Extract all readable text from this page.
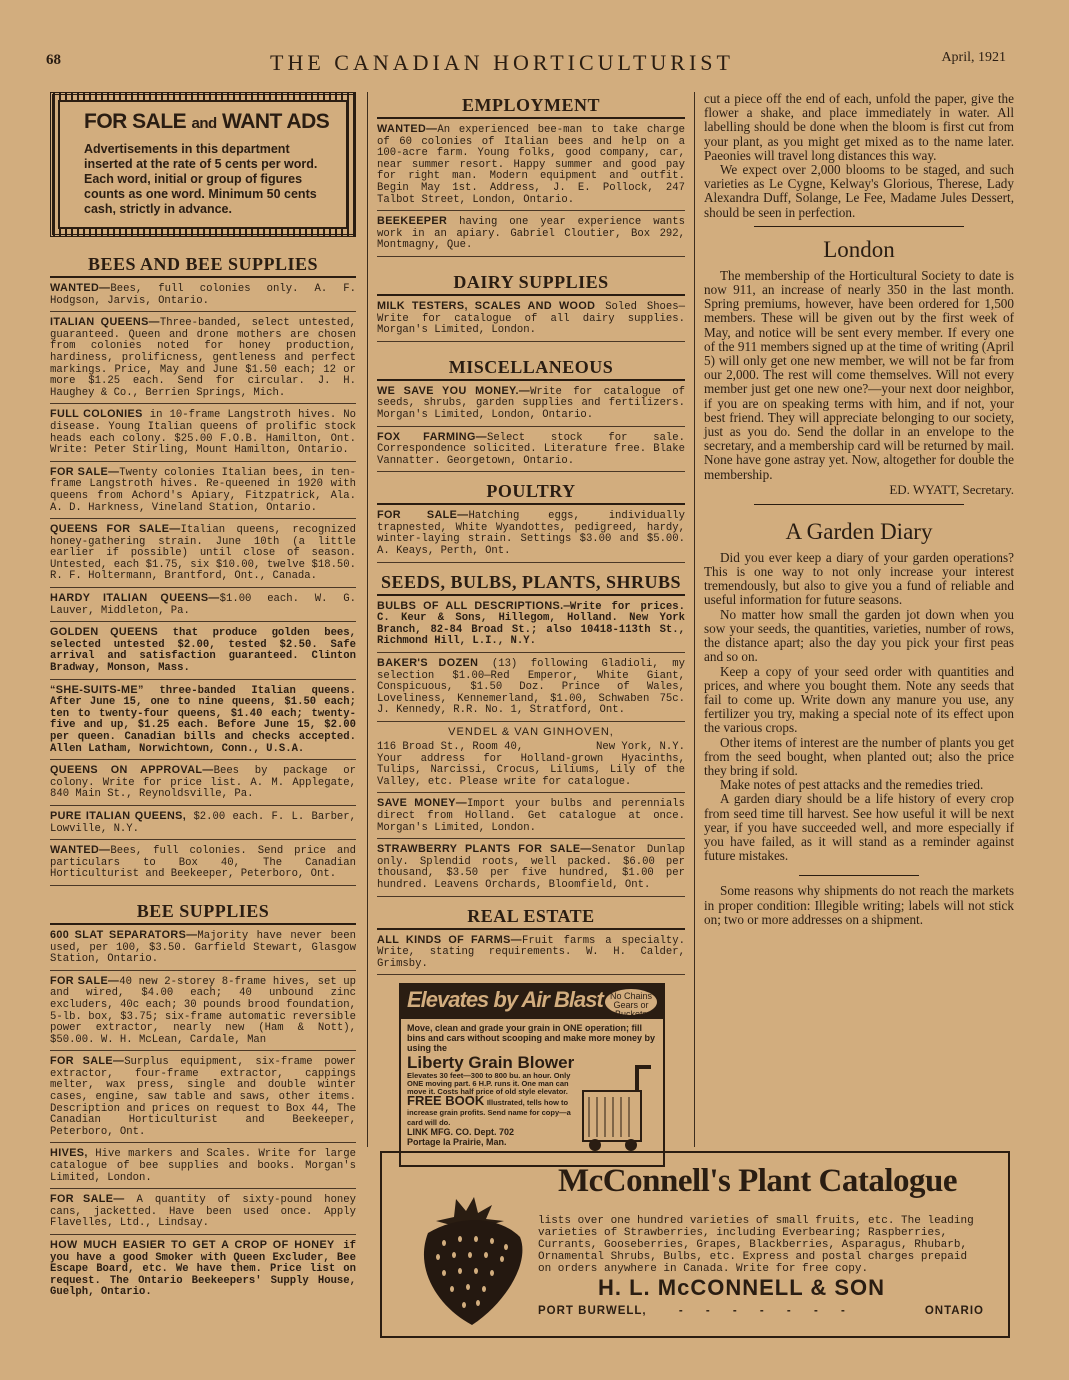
68	THE CANADIAN HORTICULTURIST	April, 1921

FOR SALE and WANT ADS

Advertisements in this department inserted at the rate of 5 cents per word. Each word, initial or group of figures counts as one word. Minimum 50 cents cash, strictly in advance.

BEES AND BEE SUPPLIES

WANTED—Bees, full colonies only. A. F. Hodgson, Jarvis, Ontario.

ITALIAN QUEENS—Three-banded, select untested, guaranteed. Queen and drone mothers are chosen from colonies noted for honey production, hardiness, prolificness, gentleness and perfect markings. Price, May and June $1.50 each; 12 or more $1.25 each. Send for circular. J. H. Haughey & Co., Berrien Springs, Mich.

FULL COLONIES in 10-frame Langstroth hives. No disease. Young Italian queens of prolific stock heads each colony. $25.00 F.O.B. Hamilton, Ont. Write: Peter Stirling, Mount Hamilton, Ontario.

FOR SALE—Twenty colonies Italian bees, in ten-frame Langstroth hives. Re-queened in 1920 with queens from Achord's Apiary, Fitzpatrick, Ala. A. D. Harkness, Vineland Station, Ontario.

QUEENS FOR SALE—Italian queens, recognized honey-gathering strain. June 10th (a little earlier if possible) until close of season. Untested, each $1.75, six $10.00, twelve $18.50. R. F. Holtermann, Brantford, Ont., Canada.

HARDY ITALIAN QUEENS—$1.00 each. W. G. Lauver, Middleton, Pa.

GOLDEN QUEENS that produce golden bees, selected untested $2.00, tested $2.50. Safe arrival and satisfaction guaranteed. Clinton Bradway, Monson, Mass.

“SHE-SUITS-ME” three-banded Italian queens. After June 15, one to nine queens, $1.50 each; ten to twenty-four queens, $1.40 each; twenty-five and up, $1.25 each. Before June 15, $2.00 per queen. Canadian bills and checks accepted. Allen Latham, Norwichtown, Conn., U.S.A.

QUEENS ON APPROVAL—Bees by package or colony. Write for price list. A. M. Applegate, 840 Main St., Reynoldsville, Pa.

PURE ITALIAN QUEENS, $2.00 each. F. L. Barber, Lowville, N.Y.

WANTED—Bees, full colonies. Send price and particulars to Box 40, The Canadian Horticulturist and Beekeeper, Peterboro, Ont.

BEE SUPPLIES

600 SLAT SEPARATORS—Majority have never been used, per 100, $3.50. Garfield Stewart, Glasgow Station, Ontario.

FOR SALE—40 new 2-storey 8-frame hives, set up and wired, $4.00 each; 40 unbound zinc excluders, 40c each; 30 pounds brood foundation, 5-lb. box, $3.75; six-frame automatic reversible power extractor, nearly new (Ham & Nott), $50.00. W. H. McLean, Cardale, Man

FOR SALE—Surplus equipment, six-frame power extractor, four-frame extractor, cappings melter, wax press, single and double winter cases, engine, saw table and saws, other items. Description and prices on request to Box 44, The Canadian Horticulturist and Beekeeper, Peterboro, Ont.

HIVES, Hive markers and Scales. Write for large catalogue of bee supplies and books. Morgan's Limited, London.

FOR SALE— A quantity of sixty-pound honey cans, jacketted. Have been used once. Apply Flavelles, Ltd., Lindsay.

HOW MUCH EASIER TO GET A CROP OF HONEY if you have a good Smoker with Queen Excluder, Bee Escape Board, etc. We have them. Price list on request. The Ontario Beekeepers' Supply House, Guelph, Ontario.

EMPLOYMENT

WANTED—An experienced bee-man to take charge of 60 colonies of Italian bees and help on a 100-acre farm. Young folks, good company, car, near summer resort. Happy summer and good pay for right man. Modern equipment and outfit. Begin May 1st. Address, J. E. Pollock, 247 Talbot Street, London, Ontario.

BEEKEEPER having one year experience wants work in an apiary. Gabriel Cloutier, Box 292, Montmagny, Que.

DAIRY SUPPLIES

MILK TESTERS, SCALES AND WOOD Soled Shoes—Write for catalogue of all dairy supplies. Morgan's Limited, London.

MISCELLANEOUS

WE SAVE YOU MONEY.—Write for catalogue of seeds, shrubs, garden supplies and fertilizers. Morgan's Limited, London, Ontario.

FOX FARMING—Select stock for sale. Correspondence solicited. Literature free. Blake Vannatter. Georgetown, Ontario.

POULTRY

FOR SALE—Hatching eggs, individually trapnested, White Wyandottes, pedigreed, hardy, winter-laying strain. Settings $3.00 and $5.00. A. Keays, Perth, Ont.

SEEDS, BULBS, PLANTS, SHRUBS

BULBS OF ALL DESCRIPTIONS.—Write for prices. C. Keur & Sons, Hillegom, Holland. New York Branch, 82-84 Broad St.; also 10418-113th St., Richmond Hill, L.I., N.Y.

BAKER'S DOZEN (13) following Gladioli, my selection $1.00—Red Emperor, White Giant, Conspicuous, $1.50 Doz. Prince of Wales, Loveliness, Kennemerland, $1.00, Schwaben 75c. J. Kennedy, R.R. No. 1, Stratford, Ont.

VENDEL & VAN GINHOVEN,

116 Broad St., Room 40,	New York, N.Y.

Your address for Holland-grown Hyacinths, Tulips, Narcissi, Crocus, Liliums, Lily of the Valley, etc. Please write for catalogue.

SAVE MONEY—Import your bulbs and perennials direct from Holland. Get catalogue at once. Morgan's Limited, London.

STRAWBERRY PLANTS FOR SALE—Senator Dunlap only. Splendid roots, well packed. $6.00 per thousand, $3.50 per five hundred, $1.00 per hundred. Leavens Orchards, Bloomfield, Ont.

REAL ESTATE

ALL KINDS OF FARMS—Fruit farms a specialty. Write, stating requirements. W. H. Calder, Grimsby.

Elevates by Air Blast No Chains Gears or Buckets
Move, clean and grade your grain in ONE operation; fill bins and cars without scooping and make more money by using the
Liberty Grain Blower
Elevates 30 feet—300 to 800 bu. an hour. Only ONE moving part. 6 H.P. runs it. One man can move it. Costs half price of old style elevator.
FREE BOOK Illustrated, tells how to increase grain profits. Send name for copy—a card will do.
LINK MFG. CO. Dept. 702
Portage la Prairie, Man.

cut a piece off the end of each, unfold the paper, give the flower a shake, and place immediately in water. All labelling should be done when the bloom is first cut from your plant, as you might get mixed as to the name later. Paeonies will travel long distances this way.

We expect over 2,000 blooms to be staged, and such varieties as Le Cygne, Kelway's Glorious, Therese, Lady Alexandra Duff, Solange, Le Fee, Madame Jules Dessert, should be seen in perfection.

London

The membership of the Horticultural Society to date is now 911, an increase of nearly 350 in the last month. Spring premiums, however, have been ordered for 1,500 members. These will be given out by the first week of May, and notice will be sent every member. If every one of the 911 members signed up at the time of writing (April 5) will only get one new member, we will not be far from our 2,000. The rest will come themselves. Will not every member just get one new one?—your next door neighbor, if you are on speaking terms with him, and if not, your best friend. They will appreciate belonging to our society, just as you do. Send the dollar in an envelope to the secretary, and a membership card will be returned by mail. None have gone astray yet. Now, altogether for double the membership.

ED. WYATT, Secretary.

A Garden Diary

Did you ever keep a diary of your garden operations? This is one way to not only increase your interest tremendously, but also to give you a fund of reliable and useful information for future seasons.

No matter how small the garden jot down when you sow your seeds, the quantities, varieties, number of rows, the distance apart; also the day you pick your first peas and so on.

Keep a copy of your seed order with quantities and prices, and where you bought them. Note any seeds that fail to come up. Write down any manure you use, any fertilizer you try, making a special note of its effect upon the various crops.

Other items of interest are the number of plants you get from the seed bought, when planted out; also the price they bring if sold.

Make notes of pest attacks and the remedies tried.

A garden diary should be a life history of every crop from seed time till harvest. See how useful it will be next year, if you have succeeded well, and more especially if you have failed, as it will stand as a reminder against future mistakes.

Some reasons why shipments do not reach the markets in proper condition: Illegible writing; labels will not stick on; two or more addresses on a shipment.

McConnell's Plant Catalogue

lists over one hundred varieties of small fruits, etc. The leading varieties of Strawberries, including Everbearing; Raspberries, Currants, Gooseberries, Grapes, Blackberries, Asparagus, Rhubarb, Ornamental Shrubs, Bulbs, etc. Express and postal charges prepaid on orders anywhere in Canada. Write for free copy.

H. L. McCONNELL & SON
PORT BURWELL,	- - - - - - -	ONTARIO
